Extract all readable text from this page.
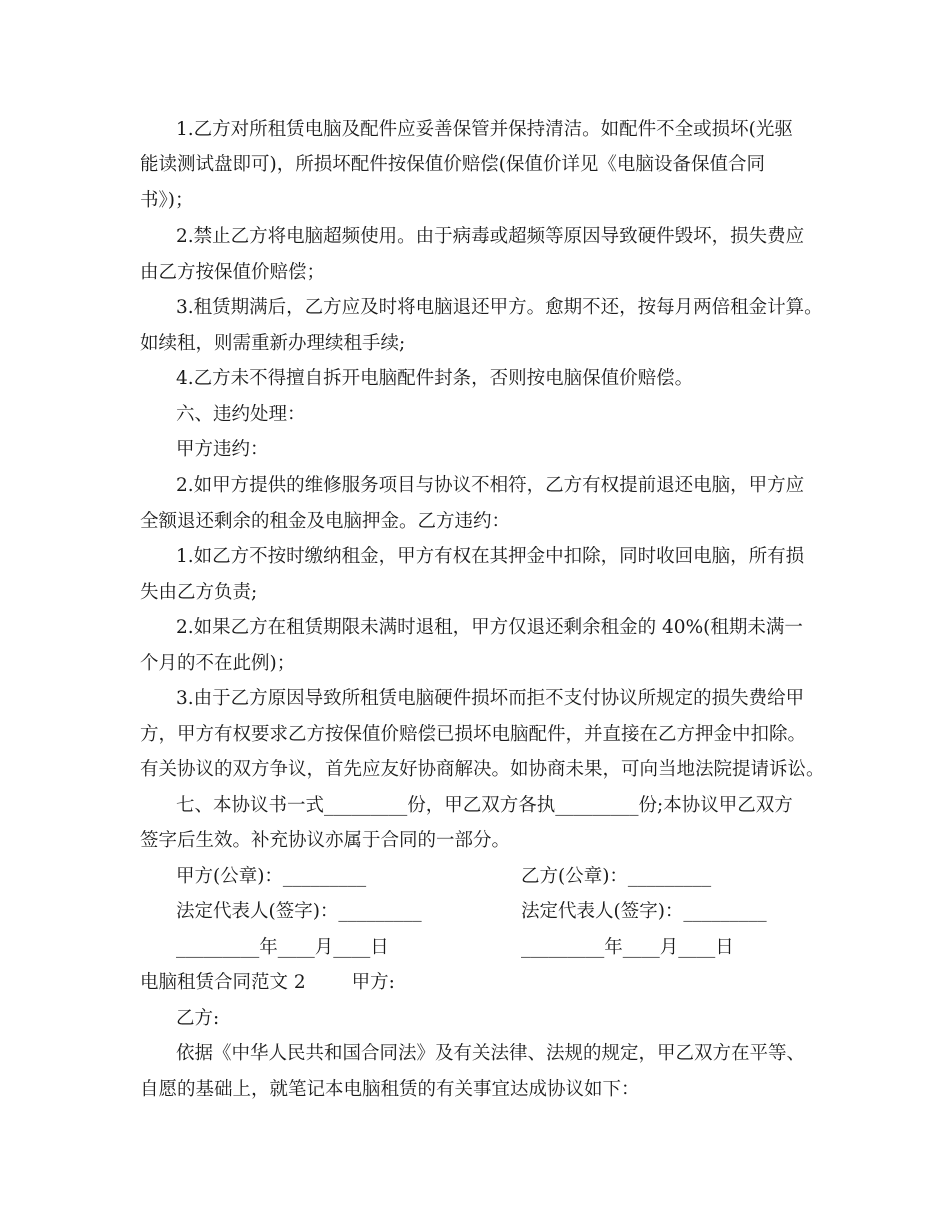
1.乙方对所租赁电脑及配件应妥善保管并保持清洁。如配件不全或损坏(光驱
能读测试盘即可)，所损坏配件按保值价赔偿(保值价详见《电脑设备保值合同
书》)；
2.禁止乙方将电脑超频使用。由于病毒或超频等原因导致硬件毁坏，损失费应
由乙方按保值价赔偿；
3.租赁期满后，乙方应及时将电脑退还甲方。愈期不还，按每月两倍租金计算。
如续租，则需重新办理续租手续;
4.乙方未不得擅自拆开电脑配件封条，否则按电脑保值价赔偿。
六、违约处理：
甲方违约：
2.如甲方提供的维修服务项目与协议不相符，乙方有权提前退还电脑，甲方应
全额退还剩余的租金及电脑押金。乙方违约：
1.如乙方不按时缴纳租金，甲方有权在其押金中扣除，同时收回电脑，所有损
失由乙方负责;
2.如果乙方在租赁期限未满时退租，甲方仅退还剩余租金的 40%(租期未满一
个月的不在此例)；
3.由于乙方原因导致所租赁电脑硬件损坏而拒不支付协议所规定的损失费给甲
方，甲方有权要求乙方按保值价赔偿已损坏电脑配件，并直接在乙方押金中扣除。
有关协议的双方争议，首先应友好协商解决。如协商未果，可向当地法院提请诉讼。
七、本协议书一式_________份，甲乙双方各执_________份;本协议甲乙双方
签字后生效。补充协议亦属于合同的一部分。
甲方(公章)：_________	乙方(公章)：_________
法定代表人(签字)：_________	法定代表人(签字)：_________
_________年____月____日	_________年____月____日
电脑租赁合同范文 2 甲方:
乙方:
依据《中华人民共和国合同法》及有关法律、法规的规定，甲乙双方在平等、
自愿的基础上，就笔记本电脑租赁的有关事宜达成协议如下：
